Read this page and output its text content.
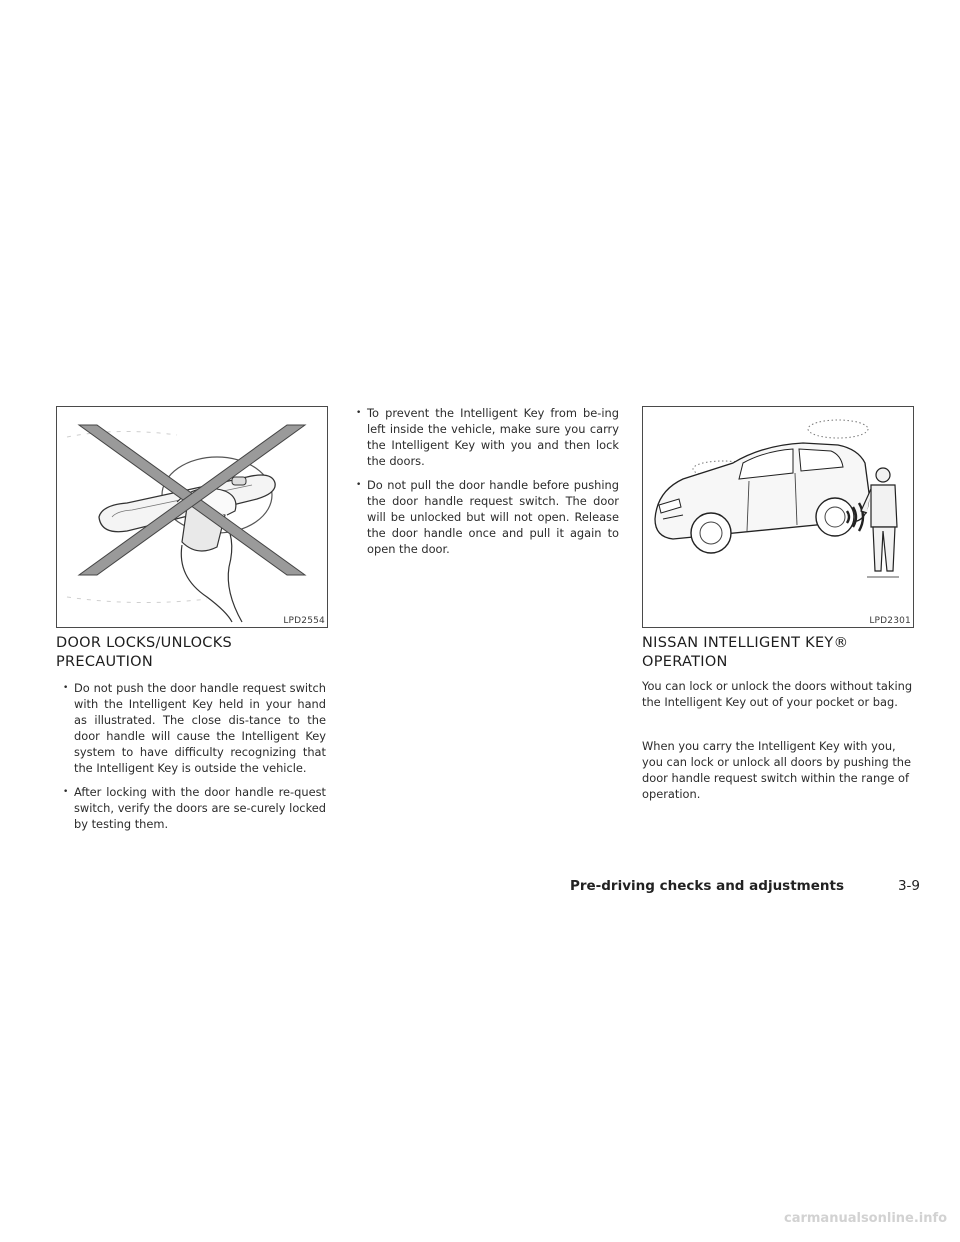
LPD2554
DOOR LOCKS/UNLOCKS
PRECAUTION
• Do not push the door handle request switch with the Intelligent Key held in your hand as illustrated. The close dis-tance to the door handle will cause the Intelligent Key system to have difficulty recognizing that the Intelligent Key is outside the vehicle.
• After locking with the door handle re-quest switch, verify the doors are se-curely locked by testing them.
• To prevent the Intelligent Key from be-ing left inside the vehicle, make sure you carry the Intelligent Key with you and then lock the doors.
• Do not pull the door handle before pushing the door handle request switch. The door will be unlocked but will not open. Release the door handle once and pull it again to open the door.
LPD2301
NISSAN INTELLIGENT KEY®
OPERATION

You can lock or unlock the doors without taking the Intelligent Key out of your pocket or bag.

When you carry the Intelligent Key with you, you can lock or unlock all doors by pushing the door handle request switch within the range of operation.

Pre-driving checks and adjustments	3-9
carmanualsonline.info
